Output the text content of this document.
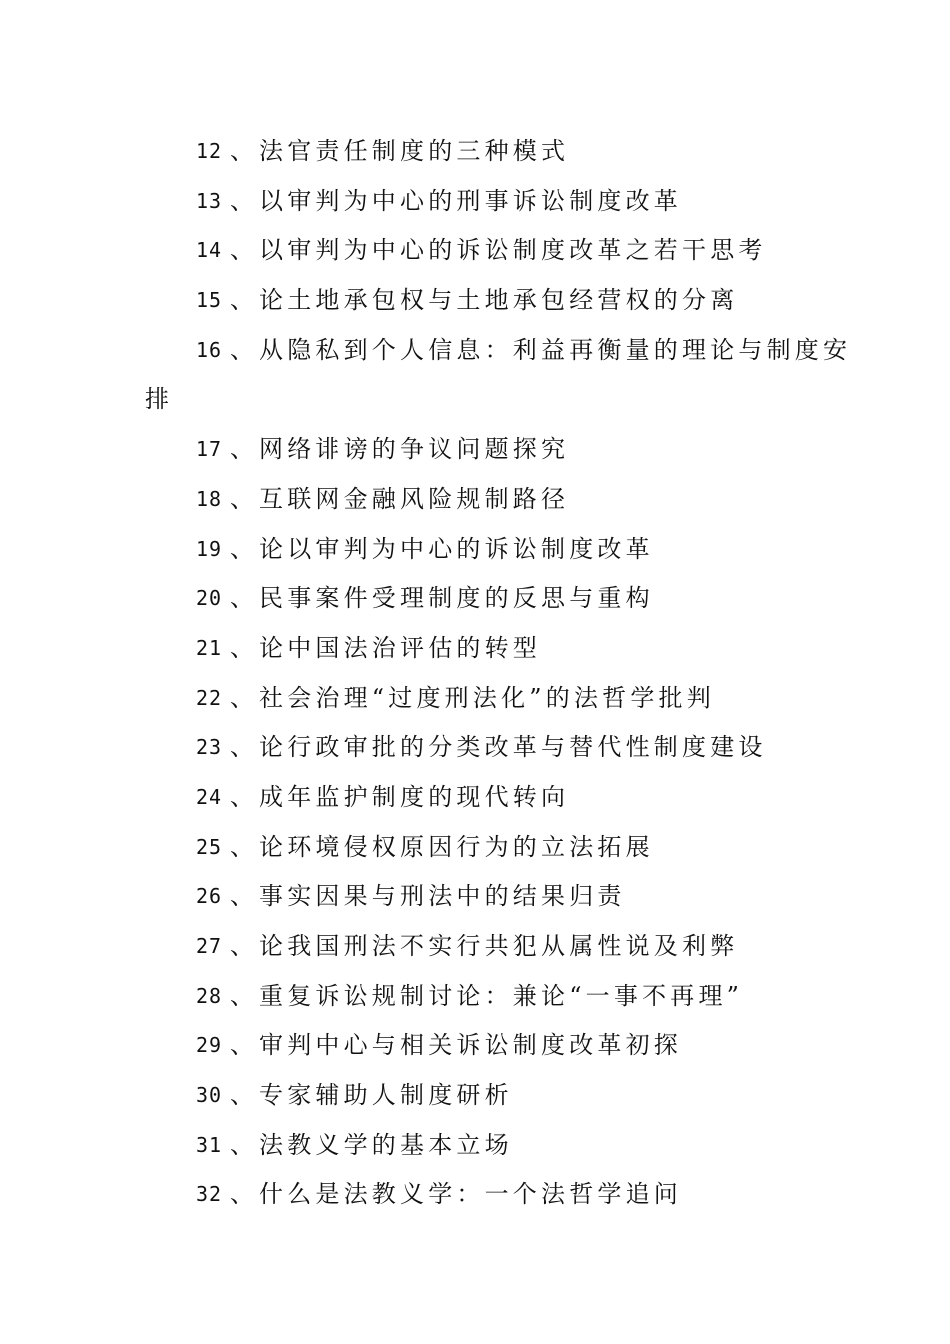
12 、 法官责任制度的三种模式
13 、 以审判为中心的刑事诉讼制度改革
14 、 以审判为中心的诉讼制度改革之若干思考
15 、 论土地承包权与土地承包经营权的分离
16 、 从隐私到个人信息：利益再衡量的理论与制度安
排
17 、 网络诽谤的争议问题探究
18 、 互联网金融风险规制路径
19 、 论以审判为中心的诉讼制度改革
20 、 民事案件受理制度的反思与重构
21 、 论中国法治评估的转型
22 、 社会治理“过度刑法化”的法哲学批判
23 、 论行政审批的分类改革与替代性制度建设
24 、 成年监护制度的现代转向
25 、 论环境侵权原因行为的立法拓展
26 、 事实因果与刑法中的结果归责
27 、 论我国刑法不实行共犯从属性说及利弊
28 、 重复诉讼规制讨论：兼论“一事不再理”
29 、 审判中心与相关诉讼制度改革初探
30 、 专家辅助人制度研析
31 、 法教义学的基本立场
32 、 什么是法教义学：一个法哲学追问
